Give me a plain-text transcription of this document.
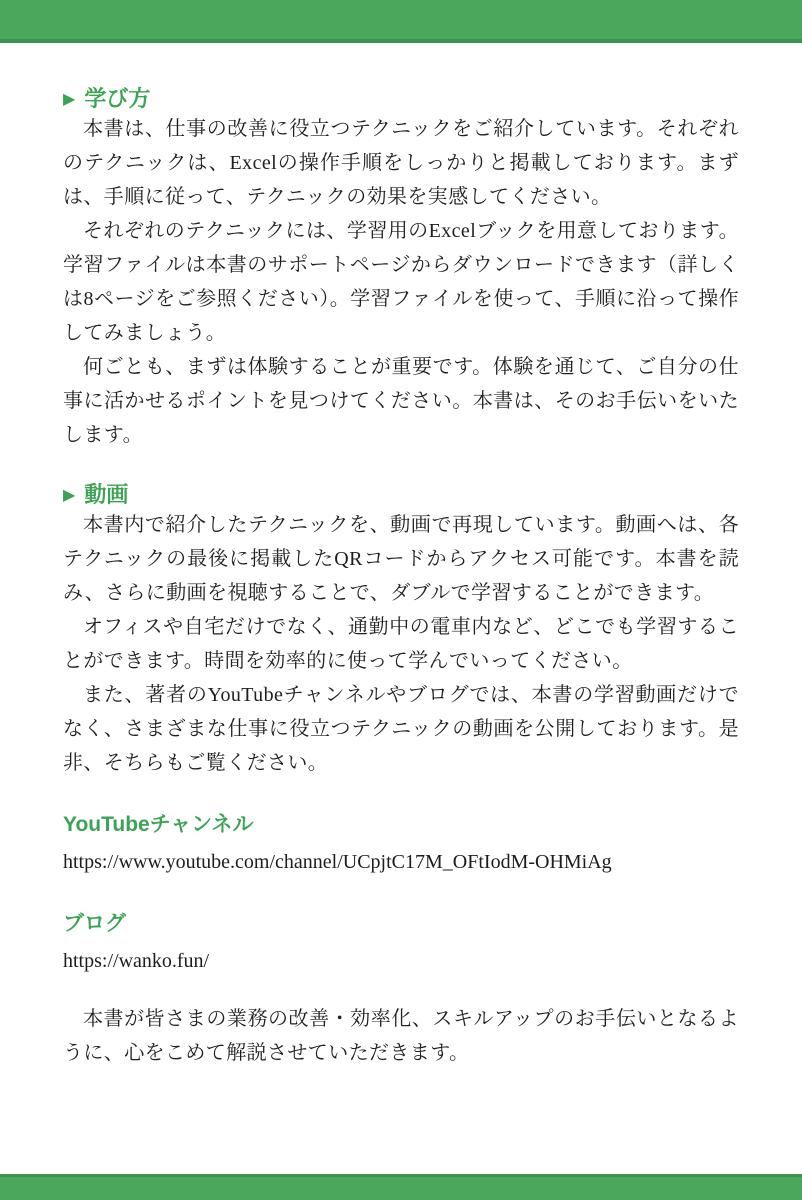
▶ 学び方

本書は、仕事の改善に役立つテクニックをご紹介しています。それぞれのテクニックは、Excelの操作手順をしっかりと掲載しております。まずは、手順に従って、テクニックの効果を実感してください。

それぞれのテクニックには、学習用のExcelブックを用意しております。学習ファイルは本書のサポートページからダウンロードできます（詳しくは8ページをご参照ください）。学習ファイルを使って、手順に沿って操作してみましょう。

何ごとも、まずは体験することが重要です。体験を通じて、ご自分の仕事に活かせるポイントを見つけてください。本書は、そのお手伝いをいたします。

▶ 動画

本書内で紹介したテクニックを、動画で再現しています。動画へは、各テクニックの最後に掲載したQRコードからアクセス可能です。本書を読み、さらに動画を視聴することで、ダブルで学習することができます。

オフィスや自宅だけでなく、通勤中の電車内など、どこでも学習することができます。時間を効率的に使って学んでいってください。

また、著者のYouTubeチャンネルやブログでは、本書の学習動画だけでなく、さまざまな仕事に役立つテクニックの動画を公開しております。是非、そちらもご覧ください。

YouTubeチャンネル

https://www.youtube.com/channel/UCpjtC17M_OFtIodM-OHMiAg

ブログ

https://wanko.fun/

本書が皆さまの業務の改善・効率化、スキルアップのお手伝いとなるように、心をこめて解説させていただきます。
